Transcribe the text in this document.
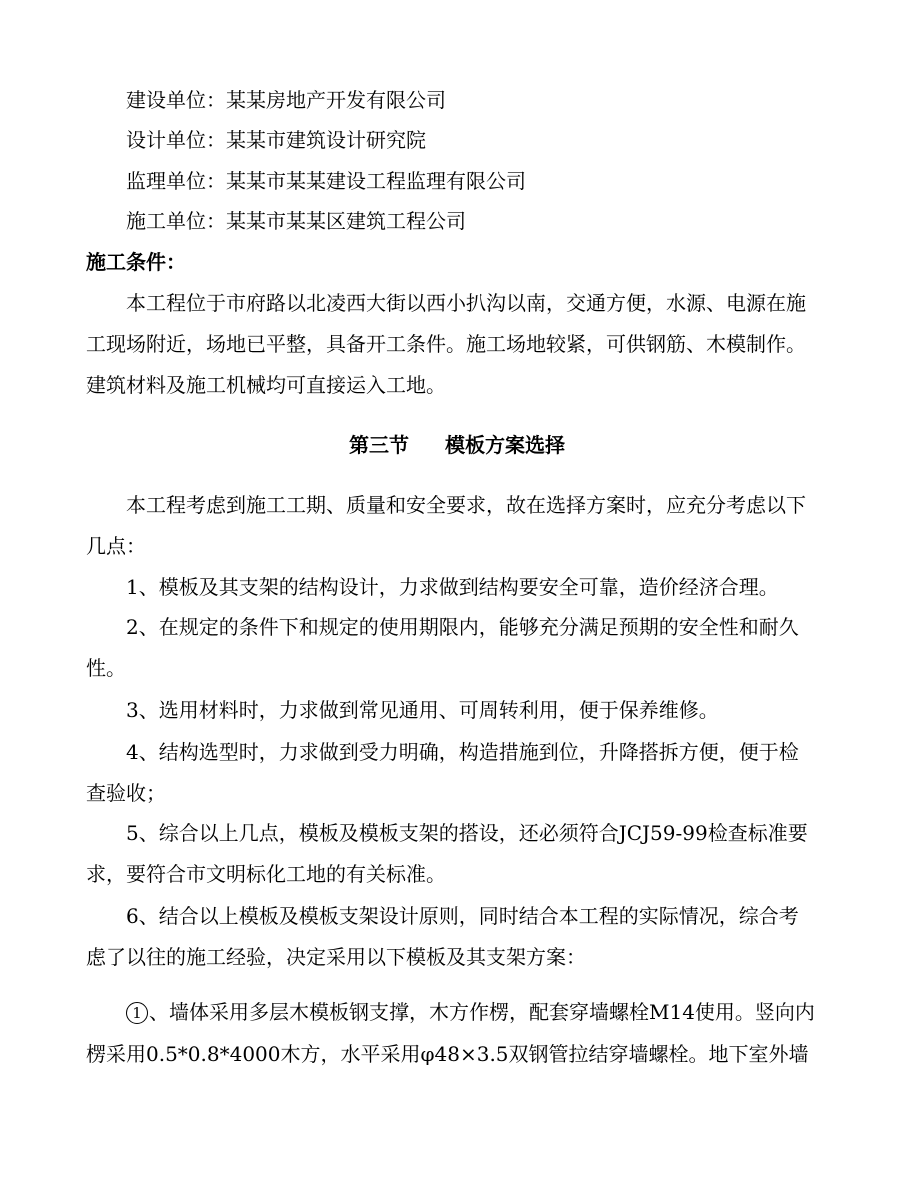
建设单位：某某房地产开发有限公司
设计单位：某某市建筑设计研究院
监理单位：某某市某某建设工程监理有限公司
施工单位：某某市某某区建筑工程公司
施工条件：
本工程位于市府路以北凌西大街以西小扒沟以南，交通方便，水源、电源在施
工现场附近，场地已平整，具备开工条件。施工场地较紧，可供钢筋、木模制作。
建筑材料及施工机械均可直接运入工地。
第三节 模板方案选择
本工程考虑到施工工期、质量和安全要求，故在选择方案时，应充分考虑以下
几点：
1、模板及其支架的结构设计，力求做到结构要安全可靠，造价经济合理。
2、在规定的条件下和规定的使用期限内，能够充分满足预期的安全性和耐久
性。
3、选用材料时，力求做到常见通用、可周转利用，便于保养维修。
4、结构选型时，力求做到受力明确，构造措施到位，升降搭拆方便，便于检
查验收；
5、综合以上几点，模板及模板支架的搭设，还必须符合JCJ59-99检查标准要
求，要符合市文明标化工地的有关标准。
6、结合以上模板及模板支架设计原则，同时结合本工程的实际情况，综合考
虑了以往的施工经验，决定采用以下模板及其支架方案：
1 、墙体采用多层木模板钢支撑，木方作楞，配套穿墙螺栓M14使用。竖向内
楞采用0.5*0.8*4000木方，水平采用φ48×3.5双钢管拉结穿墙螺栓。地下室外墙
